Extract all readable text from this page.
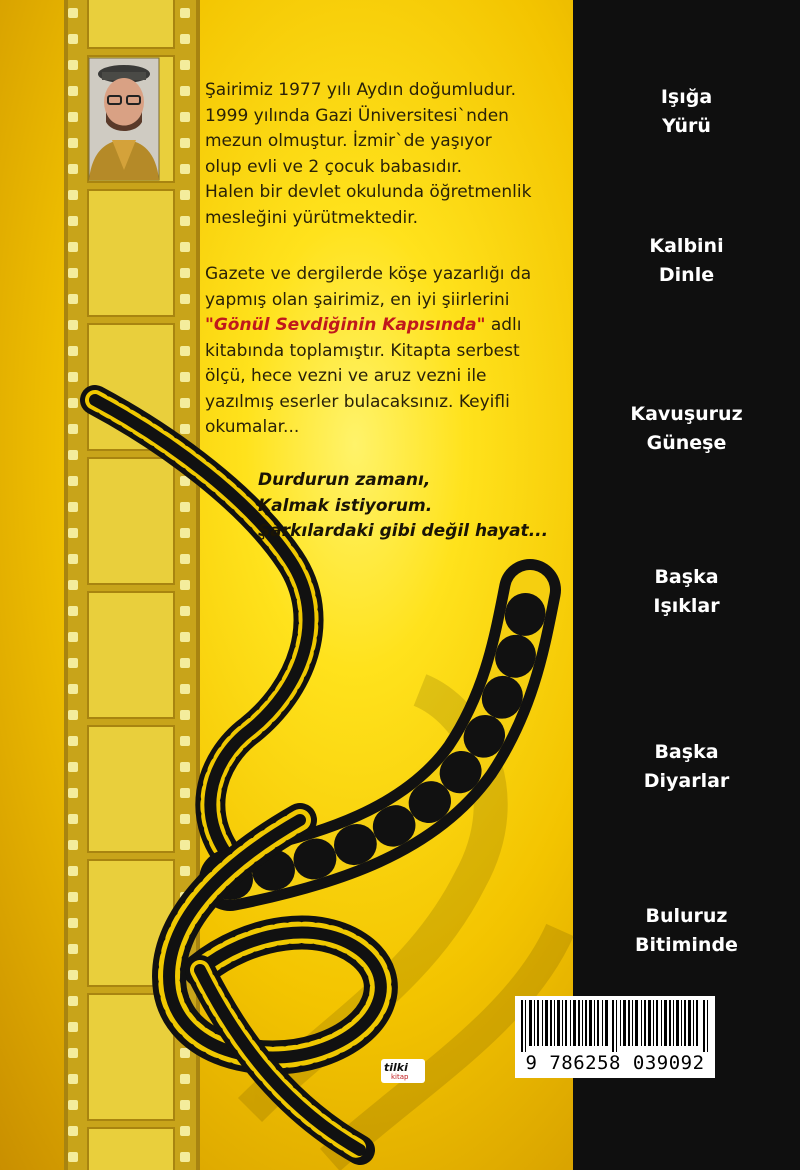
Şairimiz 1977 yılı Aydın doğumludur.
1999 yılında Gazi Üniversitesi`nden
mezun olmuştur. İzmir`de yaşıyor
olup evli ve 2 çocuk babasıdır.
Halen bir devlet okulunda öğretmenlik
mesleğini yürütmektedir.

Gazete ve dergilerde köşe yazarlığı da
yapmış olan şairimiz, en iyi şiirlerini
"Gönül Sevdiğinin Kapısında" adlı
kitabında toplamıştır. Kitapta serbest
ölçü, hece vezni ve aruz vezni ile
yazılmış eserler bulacaksınız. Keyifli
okumalar...

Durdurun zamanı,
Kalmak istiyorum.
Şarkılardaki gibi değil hayat...
Işığa
Yürü
Kalbini
Dinle
Kavuşuruz
Güneşe
Başka
Işıklar
Başka
Diyarlar
Buluruz
Bitiminde
9 786258 039092
tilki
kitap
